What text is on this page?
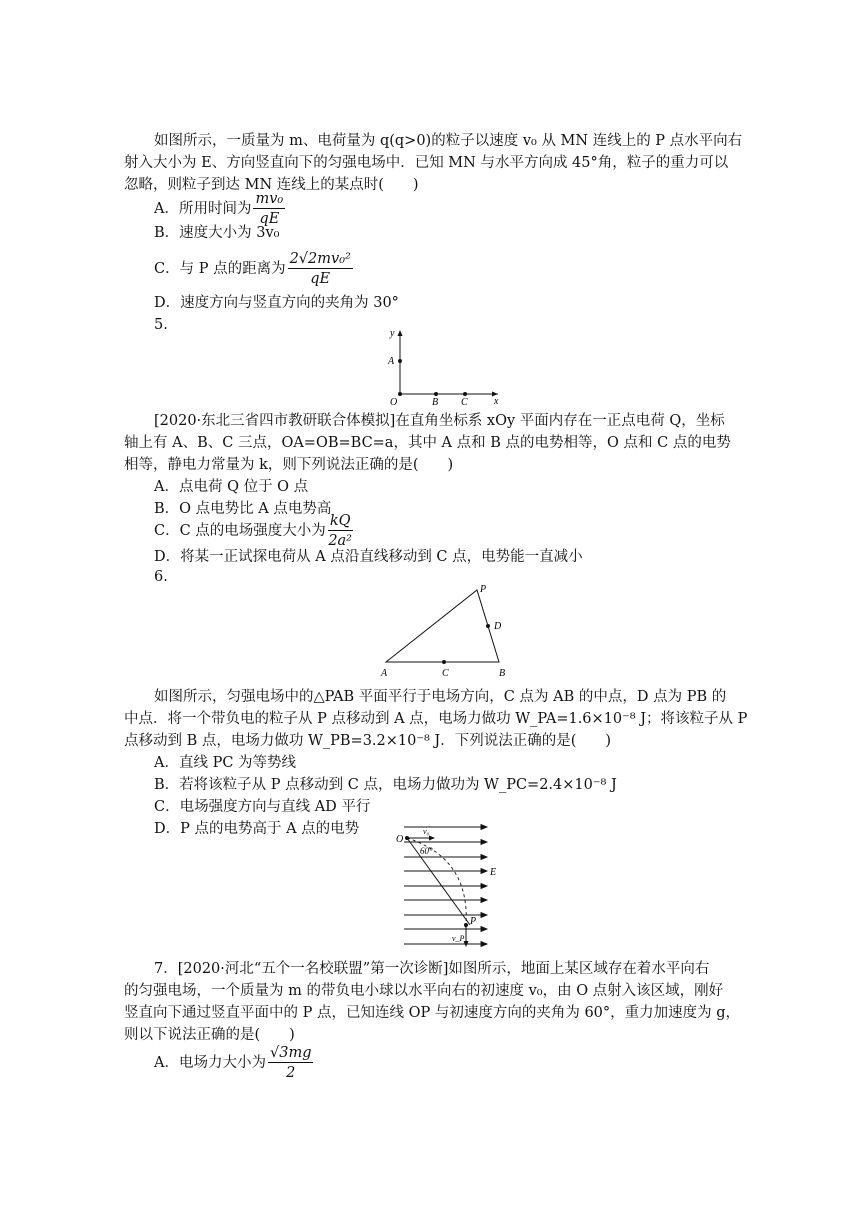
如图所示，一质量为 m、电荷量为 q(q>0)的粒子以速度 v₀ 从 MN 连线上的 P 点水平向右
射入大小为 E、方向竖直向下的匀强电场中．已知 MN 与水平方向成 45°角，粒子的重力可以
忽略，则粒子到达 MN 连线上的某点时(　　)
A．所用时间为 $\frac{\text{mv₀}}{qE}$
B．速度大小为 3v₀
C．与 P 点的距离为 $\frac{\text{2√2mv₀²}}{qE}$
D．速度方向与竖直方向的夹角为 30°
5.
y
x
A
O	B C
[2020·东北三省四市教研联合体模拟]在直角坐标系 xOy 平面内存在一正点电荷 Q，坐标
轴上有 A、B、C 三点，OA=OB=BC=a，其中 A 点和 B 点的电势相等，O 点和 C 点的电势
相等，静电力常量为 k，则下列说法正确的是(　　)
A．点电荷 Q 位于 O 点
B．O 点电势比 A 点电势高
C．C 点的电场强度大小为 $\frac{kQ}{\text{2a²}}$
D．将某一正试探电荷从 A 点沿直线移动到 C 点，电势能一直减小
6.
P
D
A	C	B
如图所示，匀强电场中的△PAB 平面平行于电场方向，C 点为 AB 的中点，D 点为 PB 的
中点．将一个带负电的粒子从 P 点移动到 A 点，电场力做功 W_PA=1.6×10⁻⁸ J；将该粒子从 P
点移动到 B 点，电场力做功 W_PB=3.2×10⁻⁸ J．下列说法正确的是(　　)
A．直线 PC 为等势线
B．若将该粒子从 P 点移动到 C 点，电场力做功为 W_PC=2.4×10⁻⁸ J
C．电场强度方向与直线 AD 平行
D．P 点的电势高于 A 点的电势
O
v₀
60°
E
P
v_P
7．[2020·河北“五个一名校联盟”第一次诊断]如图所示，地面上某区域存在着水平向右
的匀强电场，一个质量为 m 的带负电小球以水平向右的初速度 v₀，由 O 点射入该区域，刚好
竖直向下通过竖直平面中的 P 点，已知连线 OP 与初速度方向的夹角为 60°，重力加速度为 g，
则以下说法正确的是(　　)
A．电场力大小为 $\frac{√3mg}{2}$
